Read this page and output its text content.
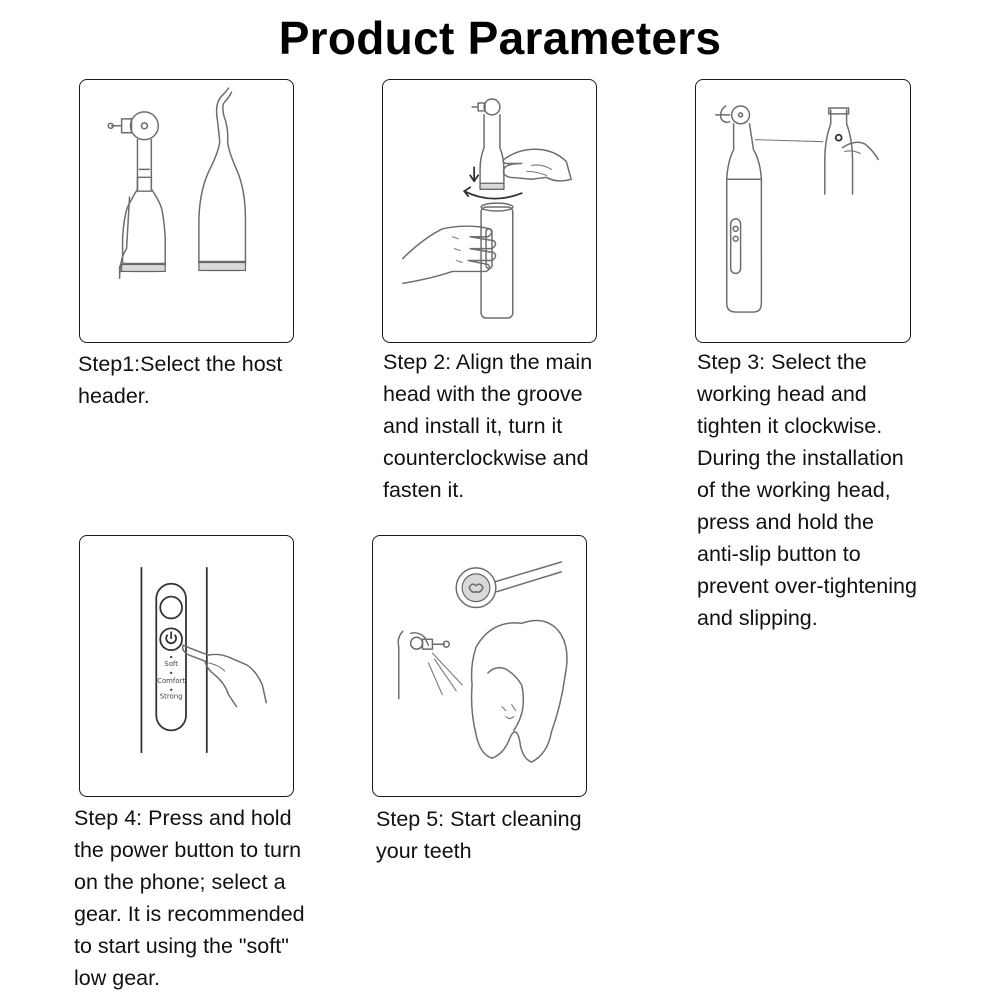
Product Parameters
Soft
Comfort
Strong
Step1:Select the host
header.
Step 2: Align the main
head with the groove
and install it, turn it
counterclockwise and
fasten it.
Step 3: Select the
working head and
tighten it clockwise.
During the installation
of the working head,
press and hold the
anti-slip button to
prevent over-tightening
and slipping.
Step 4: Press and hold
the power button to turn
on the phone; select a
gear. It is recommended
to start using the "soft"
low gear.
Step 5: Start cleaning
your teeth
